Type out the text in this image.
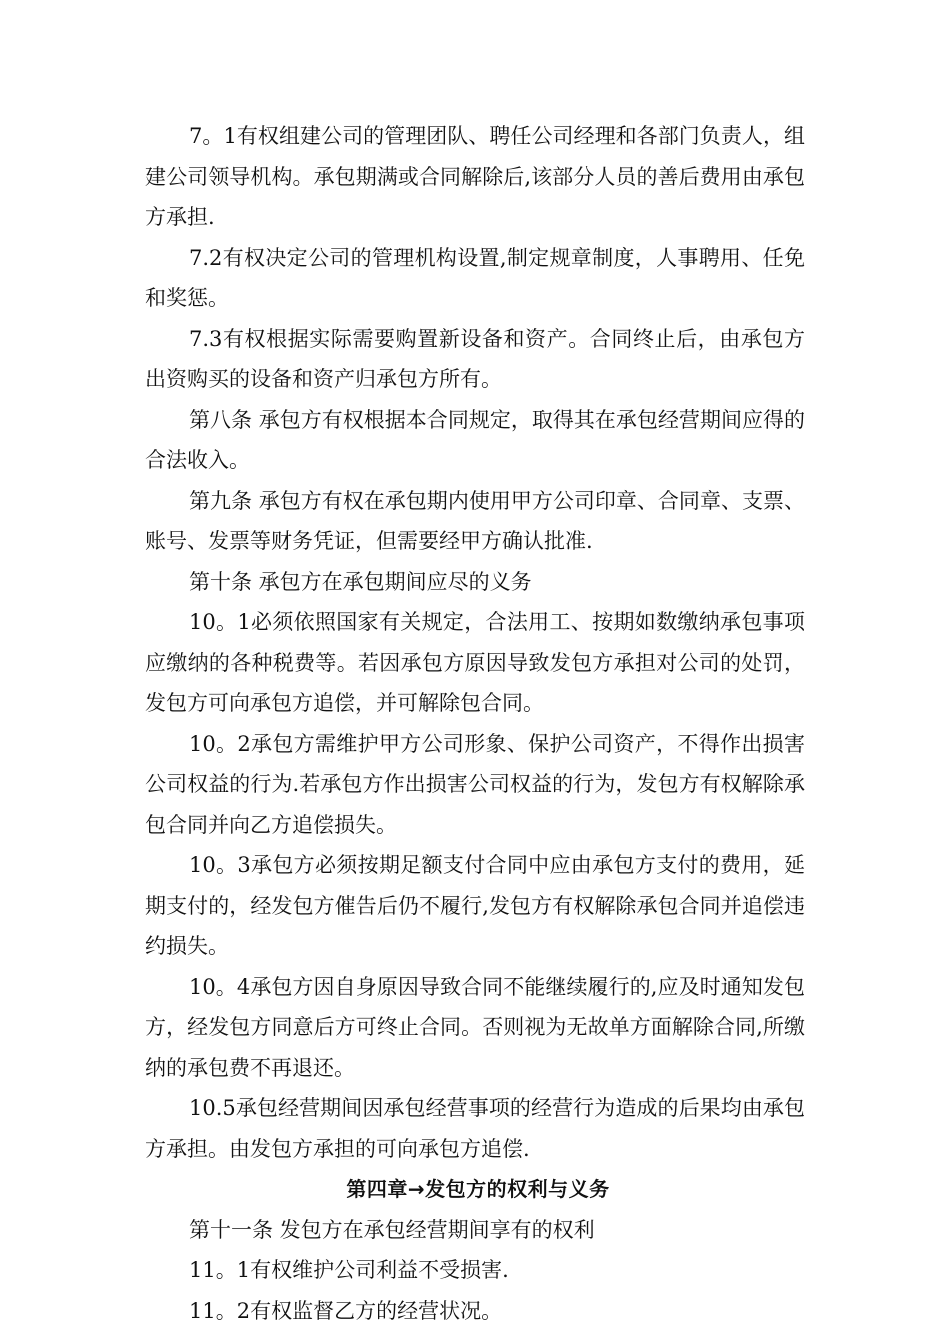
7。1有权组建公司的管理团队、聘任公司经理和各部门负责人，组建公司领导机构。承包期满或合同解除后,该部分人员的善后费用由承包方承担.

7.2有权决定公司的管理机构设置,制定规章制度，人事聘用、任免和奖惩。

7.3有权根据实际需要购置新设备和资产。合同终止后，由承包方出资购买的设备和资产归承包方所有。

第八条 承包方有权根据本合同规定，取得其在承包经营期间应得的合法收入。

第九条 承包方有权在承包期内使用甲方公司印章、合同章、支票、账号、发票等财务凭证，但需要经甲方确认批准.

第十条 承包方在承包期间应尽的义务

10。1必须依照国家有关规定，合法用工、按期如数缴纳承包事项应缴纳的各种税费等。若因承包方原因导致发包方承担对公司的处罚，发包方可向承包方追偿，并可解除包合同。

10。2承包方需维护甲方公司形象、保护公司资产，不得作出损害公司权益的行为.若承包方作出损害公司权益的行为，发包方有权解除承包合同并向乙方追偿损失。

10。3承包方必须按期足额支付合同中应由承包方支付的费用，延期支付的，经发包方催告后仍不履行,发包方有权解除承包合同并追偿违约损失。

10。4承包方因自身原因导致合同不能继续履行的,应及时通知发包方，经发包方同意后方可终止合同。否则视为无故单方面解除合同,所缴纳的承包费不再退还。

10.5承包经营期间因承包经营事项的经营行为造成的后果均由承包方承担。由发包方承担的可向承包方追偿.

第四章→发包方的权利与义务

第十一条 发包方在承包经营期间享有的权利

11。1有权维护公司利益不受损害.

11。2有权监督乙方的经营状况。
